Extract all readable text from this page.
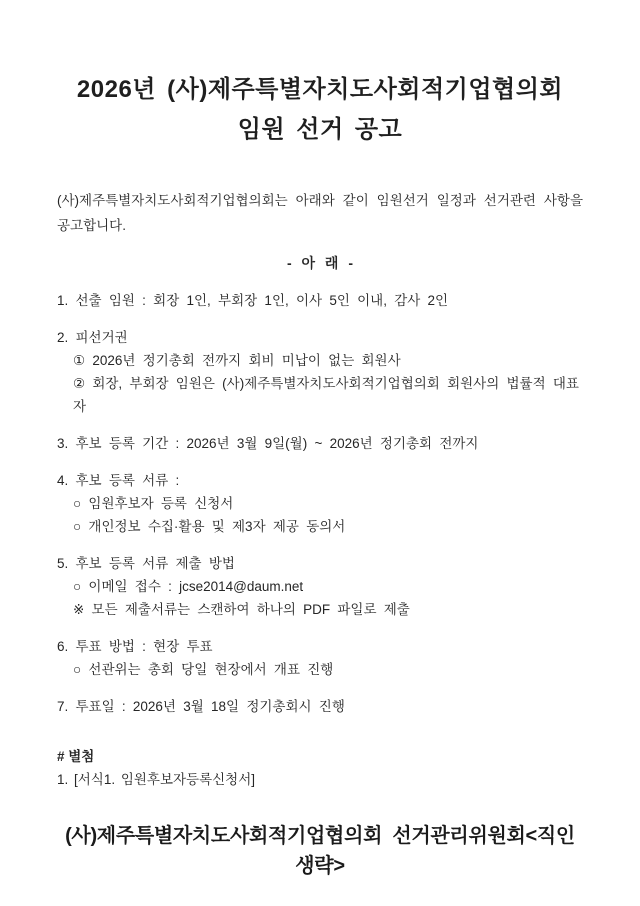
2026년 (사)제주특별자치도사회적기업협의회
임원 선거 공고

(사)제주특별자치도사회적기업협의회는 아래와 같이 임원선거 일정과 선거관련 사항을 공고합니다.

- 아 래 -
1. 선출 임원 : 회장 1인, 부회장 1인, 이사 5인 이내, 감사 2인
2. 피선거권
① 2026년 정기총회 전까지 회비 미납이 없는 회원사
② 회장, 부회장 임원은 (사)제주특별자치도사회적기업협의회 회원사의 법률적 대표자
3. 후보 등록 기간 : 2026년 3월 9일(월) ~ 2026년 정기총회 전까지
4. 후보 등록 서류 :
○ 임원후보자 등록 신청서
○ 개인정보 수집·활용 및 제3자 제공 동의서
5. 후보 등록 서류 제출 방법
○ 이메일 접수 : jcse2014@daum.net
※ 모든 제출서류는 스캔하여 하나의 PDF 파일로 제출
6. 투표 방법 : 현장 투표
○ 선관위는 총회 당일 현장에서 개표 진행
7. 투표일 : 2026년 3월 18일 정기총회시 진행
# 별첨
1. [서식1. 임원후보자등록신청서]
(사)제주특별자치도사회적기업협의회 선거관리위원회<직인생략>
